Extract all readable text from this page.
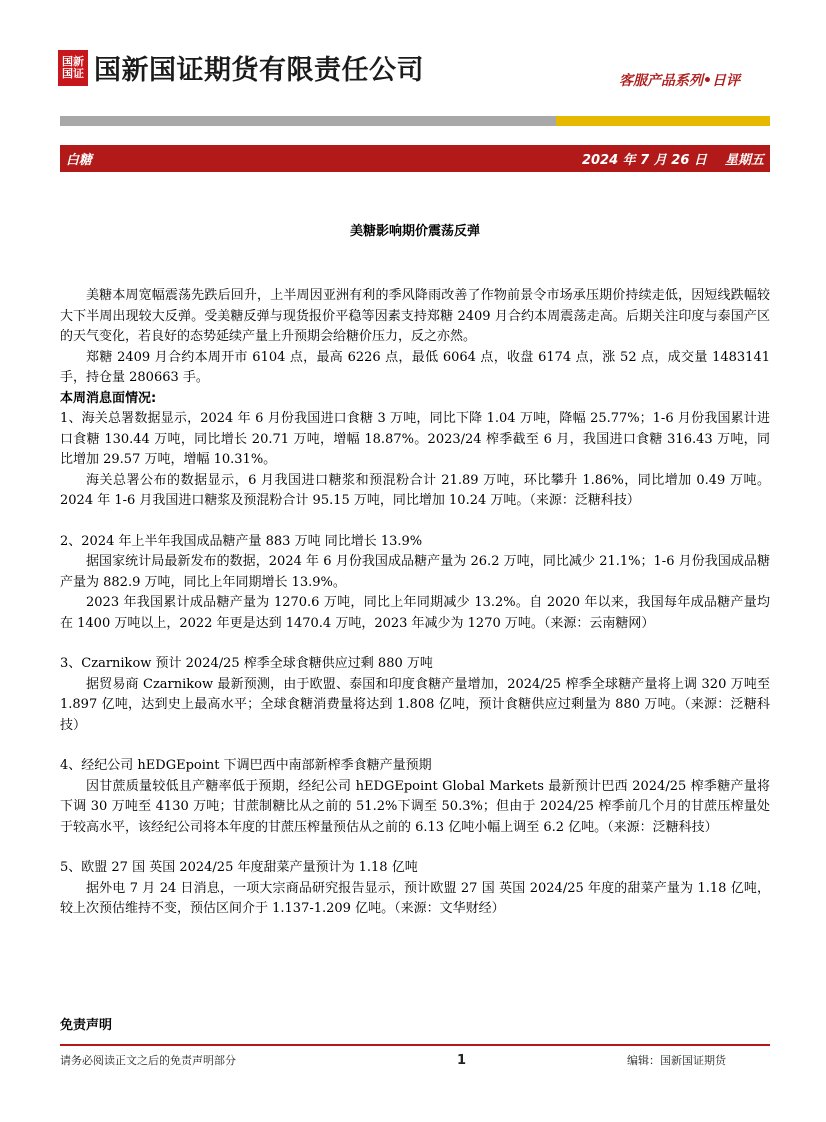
国新国证 国新国证期货有限责任公司	客服产品系列•日评
白糖	2024 年 7 月 26 日    星期五
美糖影响期价震荡反弹

美糖本周宽幅震荡先跌后回升，上半周因亚洲有利的季风降雨改善了作物前景令市场承压期价持续走低，因短线跌幅较大下半周出现较大反弹。受美糖反弹与现货报价平稳等因素支持郑糖 2409 月合约本周震荡走高。后期关注印度与泰国产区的天气变化，若良好的态势延续产量上升预期会给糖价压力，反之亦然。

郑糖 2409 月合约本周开市 6104 点，最高 6226 点，最低 6064 点，收盘 6174 点，涨 52 点，成交量 1483141 手，持仓量 280663 手。

本周消息面情况:

1、海关总署数据显示，2024 年 6 月份我国进口食糖 3 万吨，同比下降 1.04 万吨，降幅 25.77%；1-6 月份我国累计进口食糖 130.44 万吨，同比增长 20.71 万吨，增幅 18.87%。2023/24 榨季截至 6 月，我国进口食糖 316.43 万吨，同比增加 29.57 万吨，增幅 10.31%。

海关总署公布的数据显示，6 月我国进口糖浆和预混粉合计 21.89 万吨，环比攀升 1.86%，同比增加 0.49 万吨。2024 年 1-6 月我国进口糖浆及预混粉合计 95.15 万吨，同比增加 10.24 万吨。（来源：泛糖科技）

2、2024 年上半年我国成品糖产量 883 万吨 同比增长 13.9%

据国家统计局最新发布的数据，2024 年 6 月份我国成品糖产量为 26.2 万吨，同比减少 21.1%；1-6 月份我国成品糖产量为 882.9 万吨，同比上年同期增长 13.9%。

2023 年我国累计成品糖产量为 1270.6 万吨，同比上年同期减少 13.2%。自 2020 年以来，我国每年成品糖产量均在 1400 万吨以上，2022 年更是达到 1470.4 万吨，2023 年减少为 1270 万吨。（来源：云南糖网）

3、Czarnikow 预计 2024/25 榨季全球食糖供应过剩 880 万吨

据贸易商 Czarnikow 最新预测，由于欧盟、泰国和印度食糖产量增加，2024/25 榨季全球糖产量将上调 320 万吨至 1.897 亿吨，达到史上最高水平；全球食糖消费量将达到 1.808 亿吨，预计食糖供应过剩量为 880 万吨。（来源：泛糖科技）

4、经纪公司 hEDGEpoint 下调巴西中南部新榨季食糖产量预期

因甘蔗质量较低且产糖率低于预期，经纪公司 hEDGEpoint Global Markets 最新预计巴西 2024/25 榨季糖产量将下调 30 万吨至 4130 万吨；甘蔗制糖比从之前的 51.2%下调至 50.3%；但由于 2024/25 榨季前几个月的甘蔗压榨量处于较高水平，该经纪公司将本年度的甘蔗压榨量预估从之前的 6.13 亿吨小幅上调至 6.2 亿吨。（来源：泛糖科技）

5、欧盟 27 国 英国 2024/25 年度甜菜产量预计为 1.18 亿吨

据外电 7 月 24 日消息，一项大宗商品研究报告显示，预计欧盟 27 国 英国 2024/25 年度的甜菜产量为 1.18 亿吨，较上次预估维持不变，预估区间介于 1.137-1.209 亿吨。（来源：文华财经）

免责声明
请务必阅读正文之后的免责声明部分	1	编辑：国新国证期货
